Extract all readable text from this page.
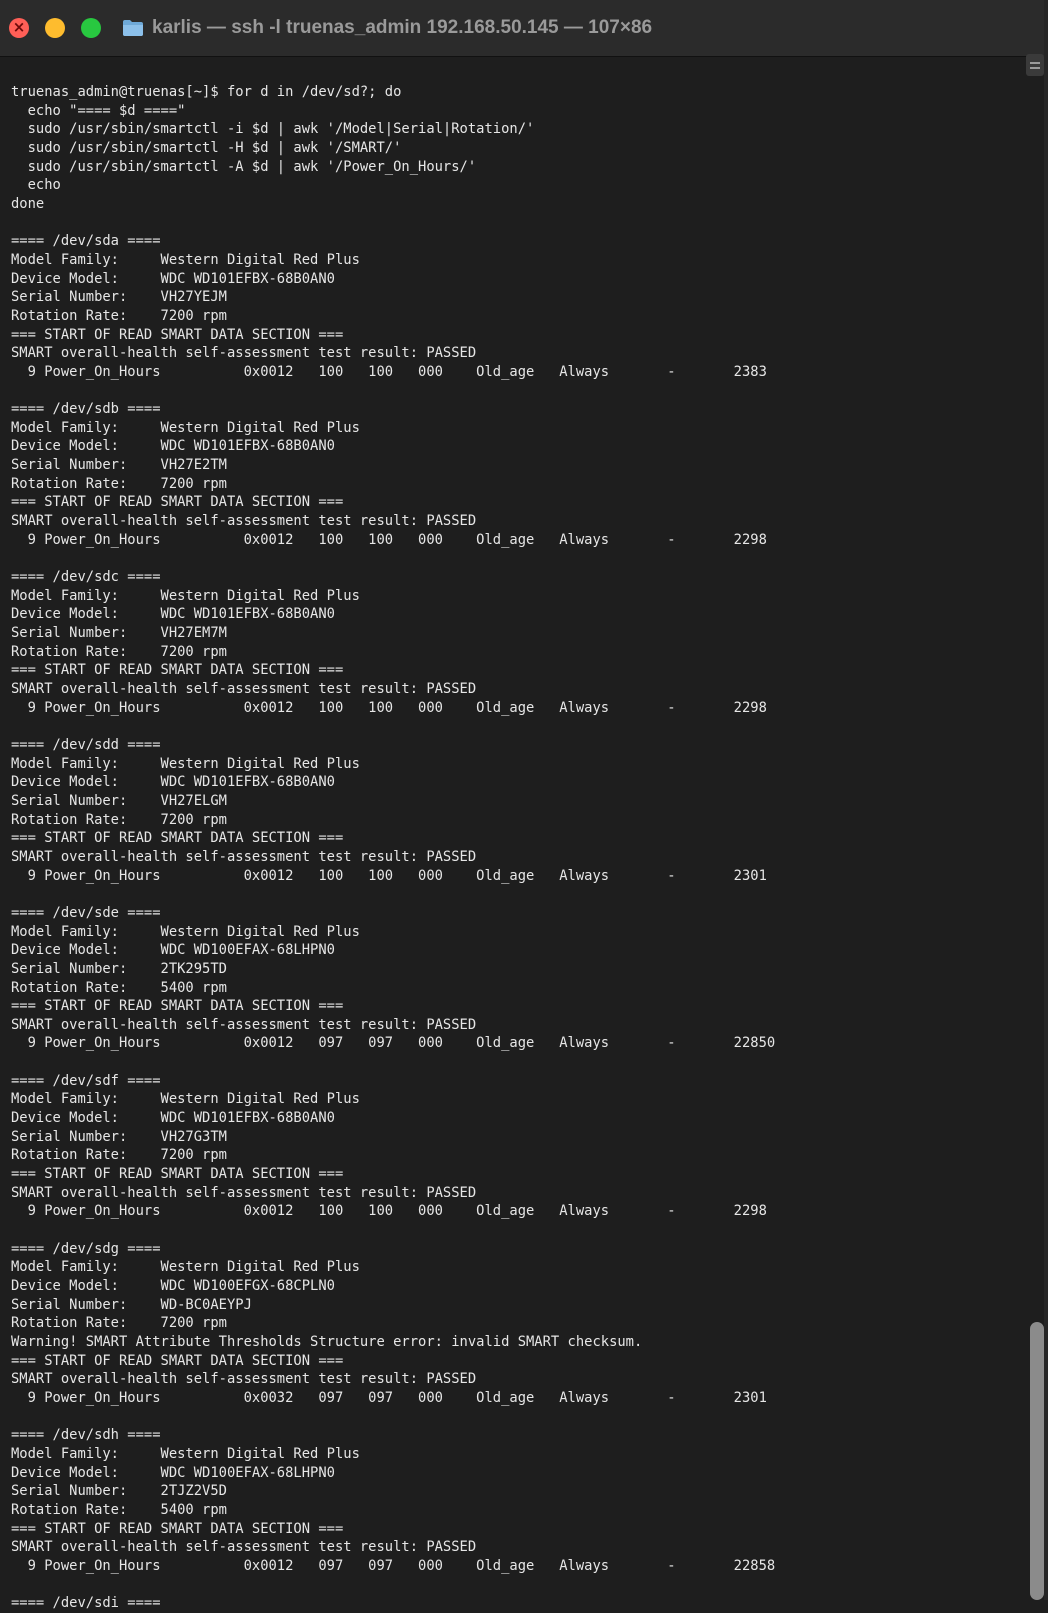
×
karlis — ssh -l truenas_admin 192.168.50.145 — 107×86
truenas_admin@truenas[~]$ for d in /dev/sd?; do
echo "==== $d ===="
sudo /usr/sbin/smartctl -i $d | awk '/Model|Serial|Rotation/'
sudo /usr/sbin/smartctl -H $d | awk '/SMART/'
sudo /usr/sbin/smartctl -A $d | awk '/Power_On_Hours/'
echo
done
==== /dev/sda ====
Model Family:     Western Digital Red Plus
Device Model:     WDC WD101EFBX-68B0AN0
Serial Number:    VH27YEJM
Rotation Rate:    7200 rpm
=== START OF READ SMART DATA SECTION ===
SMART overall-health self-assessment test result: PASSED
9 Power_On_Hours          0x0012   100   100   000    Old_age   Always       -       2383
==== /dev/sdb ====
Model Family:     Western Digital Red Plus
Device Model:     WDC WD101EFBX-68B0AN0
Serial Number:    VH27E2TM
Rotation Rate:    7200 rpm
=== START OF READ SMART DATA SECTION ===
SMART overall-health self-assessment test result: PASSED
9 Power_On_Hours          0x0012   100   100   000    Old_age   Always       -       2298
==== /dev/sdc ====
Model Family:     Western Digital Red Plus
Device Model:     WDC WD101EFBX-68B0AN0
Serial Number:    VH27EM7M
Rotation Rate:    7200 rpm
=== START OF READ SMART DATA SECTION ===
SMART overall-health self-assessment test result: PASSED
9 Power_On_Hours          0x0012   100   100   000    Old_age   Always       -       2298
==== /dev/sdd ====
Model Family:     Western Digital Red Plus
Device Model:     WDC WD101EFBX-68B0AN0
Serial Number:    VH27ELGM
Rotation Rate:    7200 rpm
=== START OF READ SMART DATA SECTION ===
SMART overall-health self-assessment test result: PASSED
9 Power_On_Hours          0x0012   100   100   000    Old_age   Always       -       2301
==== /dev/sde ====
Model Family:     Western Digital Red Plus
Device Model:     WDC WD100EFAX-68LHPN0
Serial Number:    2TK295TD
Rotation Rate:    5400 rpm
=== START OF READ SMART DATA SECTION ===
SMART overall-health self-assessment test result: PASSED
9 Power_On_Hours          0x0012   097   097   000    Old_age   Always       -       22850
==== /dev/sdf ====
Model Family:     Western Digital Red Plus
Device Model:     WDC WD101EFBX-68B0AN0
Serial Number:    VH27G3TM
Rotation Rate:    7200 rpm
=== START OF READ SMART DATA SECTION ===
SMART overall-health self-assessment test result: PASSED
9 Power_On_Hours          0x0012   100   100   000    Old_age   Always       -       2298
==== /dev/sdg ====
Model Family:     Western Digital Red Plus
Device Model:     WDC WD100EFGX-68CPLN0
Serial Number:    WD-BC0AEYPJ
Rotation Rate:    7200 rpm
Warning! SMART Attribute Thresholds Structure error: invalid SMART checksum.
=== START OF READ SMART DATA SECTION ===
SMART overall-health self-assessment test result: PASSED
9 Power_On_Hours          0x0032   097   097   000    Old_age   Always       -       2301
==== /dev/sdh ====
Model Family:     Western Digital Red Plus
Device Model:     WDC WD100EFAX-68LHPN0
Serial Number:    2TJZ2V5D
Rotation Rate:    5400 rpm
=== START OF READ SMART DATA SECTION ===
SMART overall-health self-assessment test result: PASSED
9 Power_On_Hours          0x0012   097   097   000    Old_age   Always       -       22858
==== /dev/sdi ====
